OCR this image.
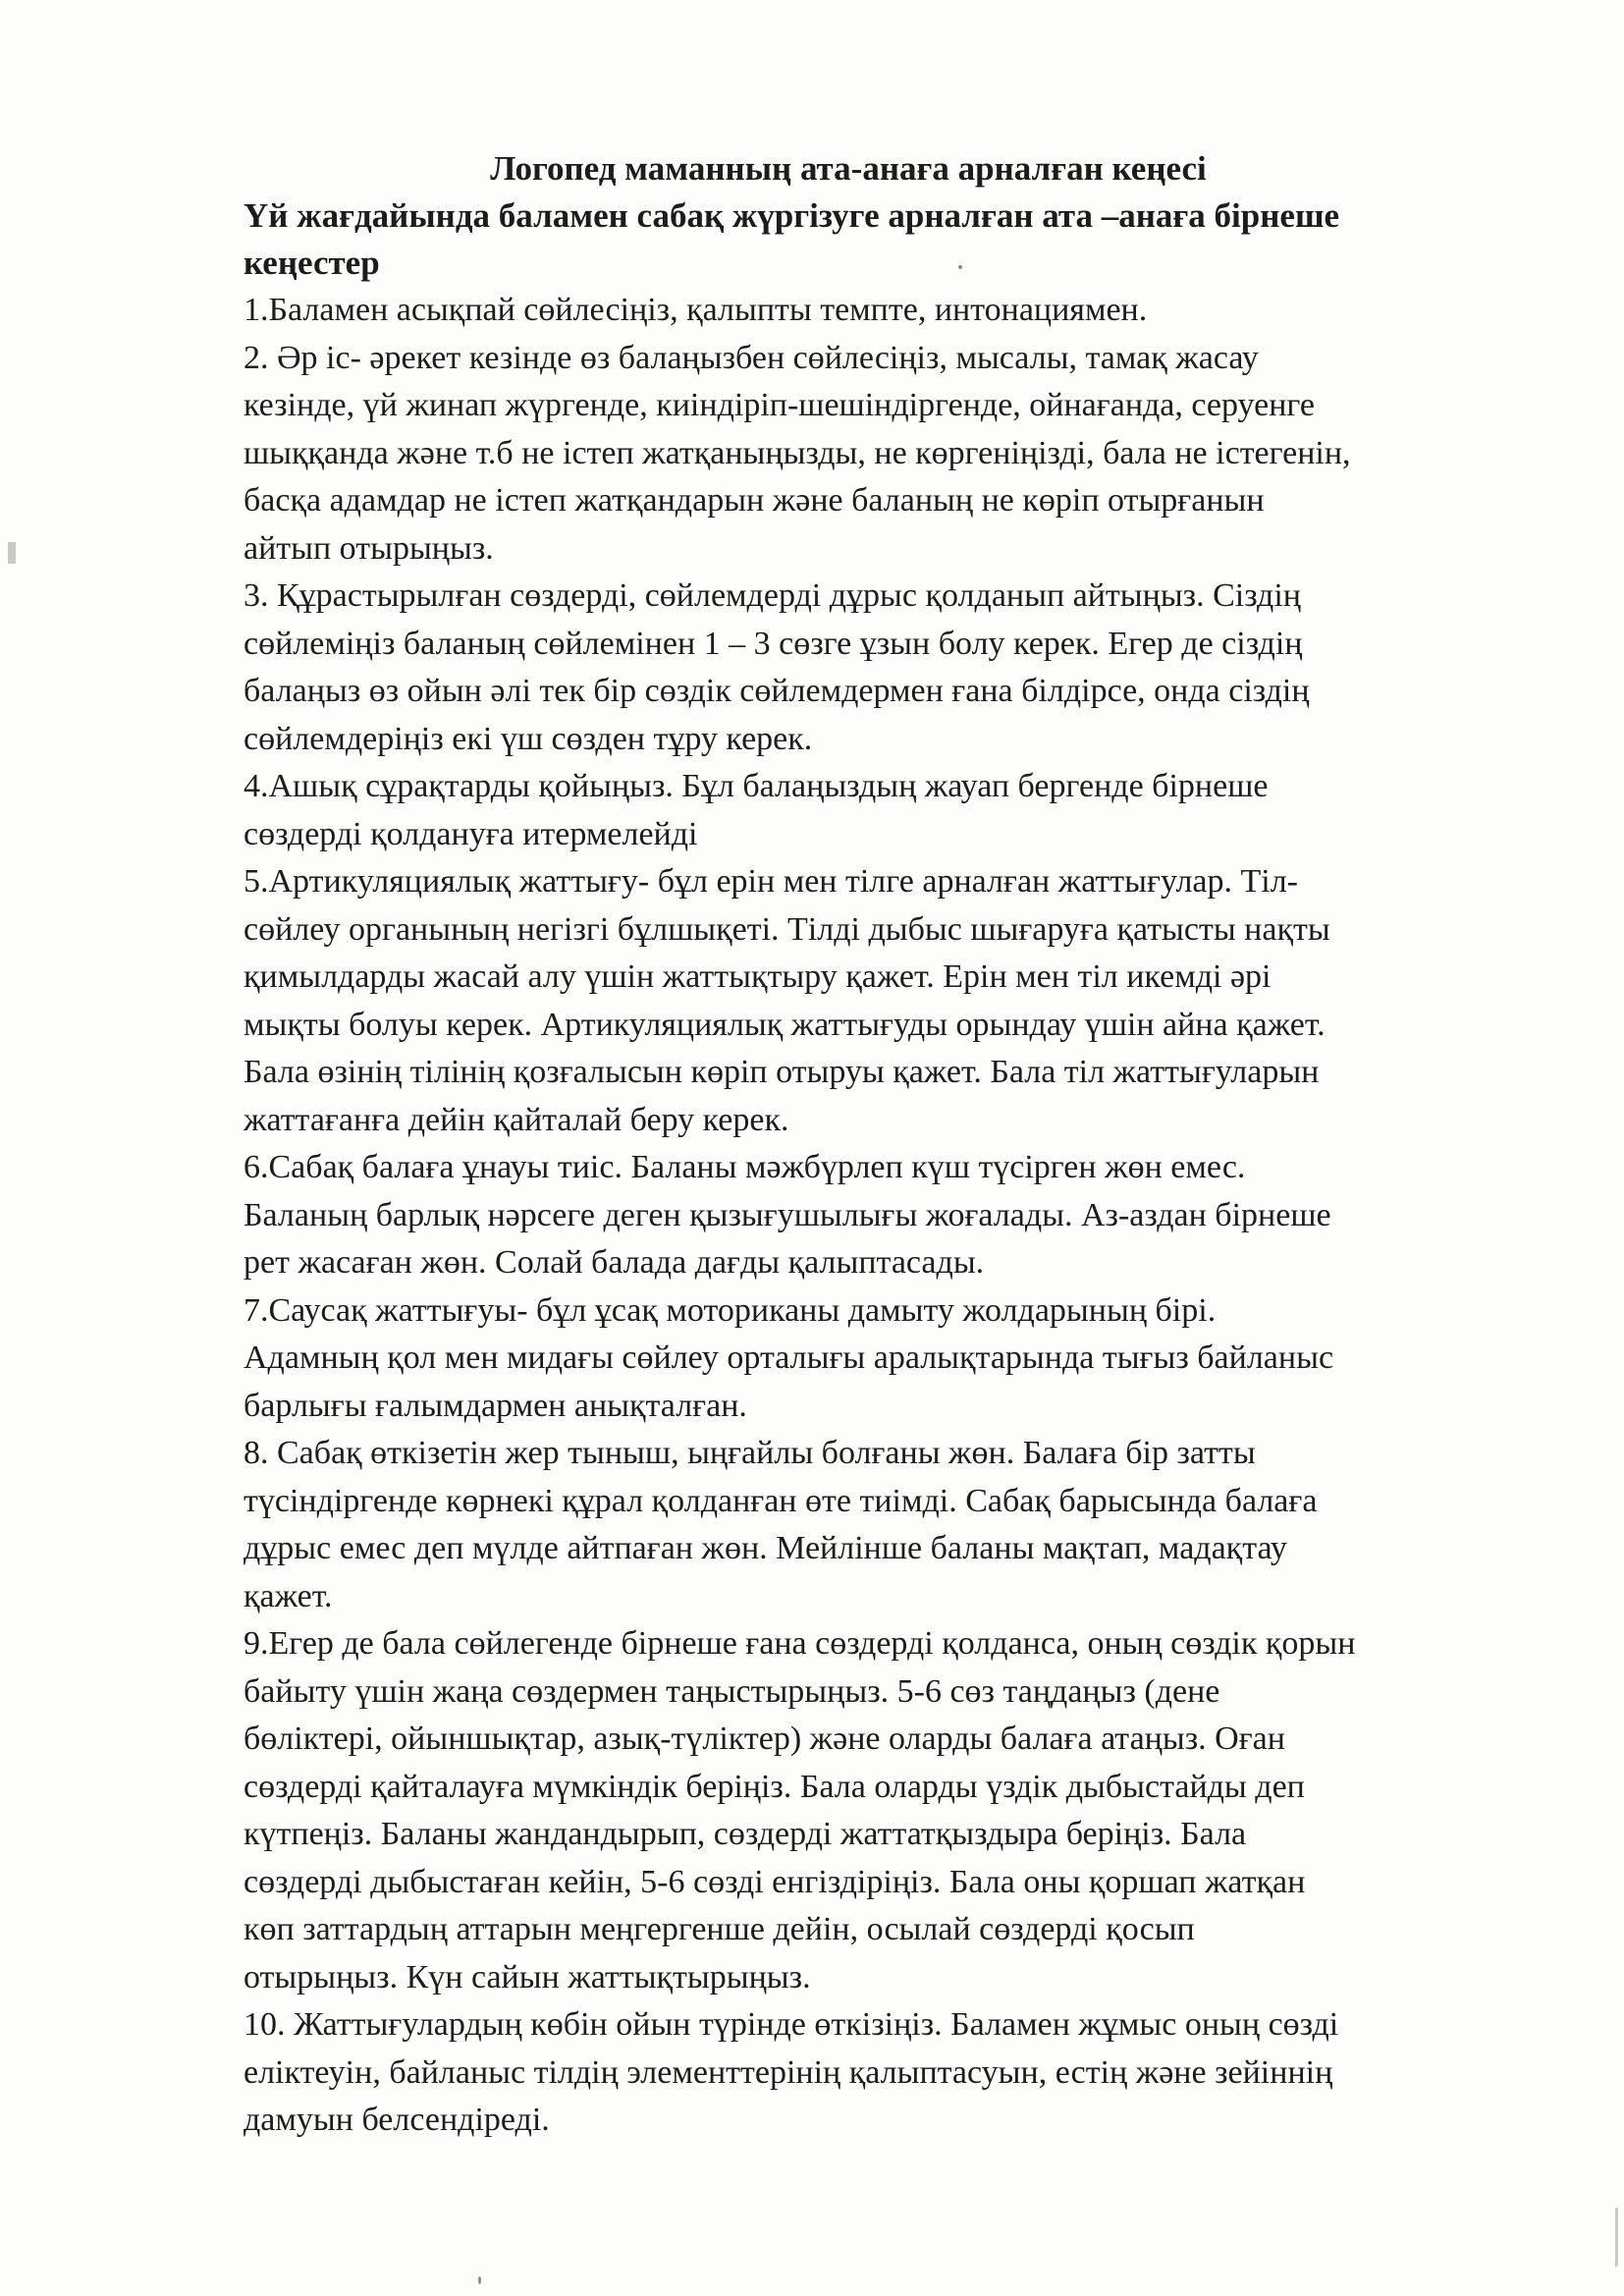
Логопед маманның ата-анаға арналған кеңесі

Үй жағдайында баламен сабақ жүргізуге арналған ата –анаға бірнеше

кеңестер

1.Баламен асықпай сөйлесіңіз, қалыпты темпте, интонациямен.

2. Әр іс- әрекет кезінде өз балаңызбен сөйлесіңіз, мысалы, тамақ жасау

кезінде, үй жинап жүргенде, киіндіріп-шешіндіргенде, ойнағанда, серуенге

шыққанда және т.б не істеп жатқаныңызды, не көргеніңізді, бала не істегенін,

басқа адамдар не істеп жатқандарын және баланың не көріп отырғанын

айтып отырыңыз.

3. Құрастырылған сөздерді, сөйлемдерді дұрыс қолданып айтыңыз. Сіздің

сөйлеміңіз баланың сөйлемінен 1 – 3 сөзге ұзын болу керек. Егер де сіздің

балаңыз өз ойын әлі тек бір сөздік сөйлемдермен ғана білдірсе, онда сіздің

сөйлемдеріңіз екі үш сөзден тұру керек.

4.Ашық сұрақтарды қойыңыз. Бұл балаңыздың жауап бергенде бірнеше

сөздерді қолдануға итермелейді

5.Артикуляциялық жаттығу- бұл ерін мен тілге арналған жаттығулар. Тіл-

сөйлеу органының негізгі бұлшықеті. Тілді дыбыс шығаруға қатысты нақты

қимылдарды жасай алу үшін жаттықтыру қажет. Ерін мен тіл икемді әрі

мықты болуы керек. Артикуляциялық жаттығуды орындау үшін айна қажет.

Бала өзінің тілінің қозғалысын көріп отыруы қажет. Бала тіл жаттығуларын

жаттағанға дейін қайталай беру керек.

6.Сабақ балаға ұнауы тиіс. Баланы мәжбүрлеп күш түсірген жөн емес.

Баланың барлық нәрсеге деген қызығушылығы жоғалады. Аз-аздан бірнеше

рет жасаған жөн. Солай балада дағды қалыптасады.

7.Саусақ жаттығуы- бұл ұсақ моториканы дамыту жолдарының бірі.

Адамның қол мен мидағы сөйлеу орталығы аралықтарында тығыз байланыс

барлығы ғалымдармен анықталған.

8. Сабақ өткізетін жер тыныш, ыңғайлы болғаны жөн. Балаға бір затты

түсіндіргенде көрнекі құрал қолданған өте тиімді. Сабақ барысында балаға

дұрыс емес деп мүлде айтпаған жөн. Мейлінше баланы мақтап, мадақтау

қажет.

9.Егер де бала сөйлегенде бірнеше ғана сөздерді қолданса, оның сөздік қорын

байыту үшін жаңа сөздермен таңыстырыңыз. 5-6 сөз таңдаңыз (дене

бөліктері, ойыншықтар, азық-түліктер) және оларды балаға атаңыз. Оған

сөздерді қайталауға мүмкіндік беріңіз. Бала оларды үздік дыбыстайды деп

күтпеңіз. Баланы жандандырып, сөздерді жаттатқыздыра беріңіз. Бала

сөздерді дыбыстаған кейін, 5-6 сөзді енгіздіріңіз. Бала оны қоршап жатқан

көп заттардың аттарын меңгергенше дейін, осылай сөздерді қосып

отырыңыз. Күн сайын жаттықтырыңыз.

10. Жаттығулардың көбін ойын түрінде өткізіңіз. Баламен жұмыс оның сөзді

еліктеуін, байланыс тілдің элементтерінің қалыптасуын, естің және зейіннің

дамуын белсендіреді.
